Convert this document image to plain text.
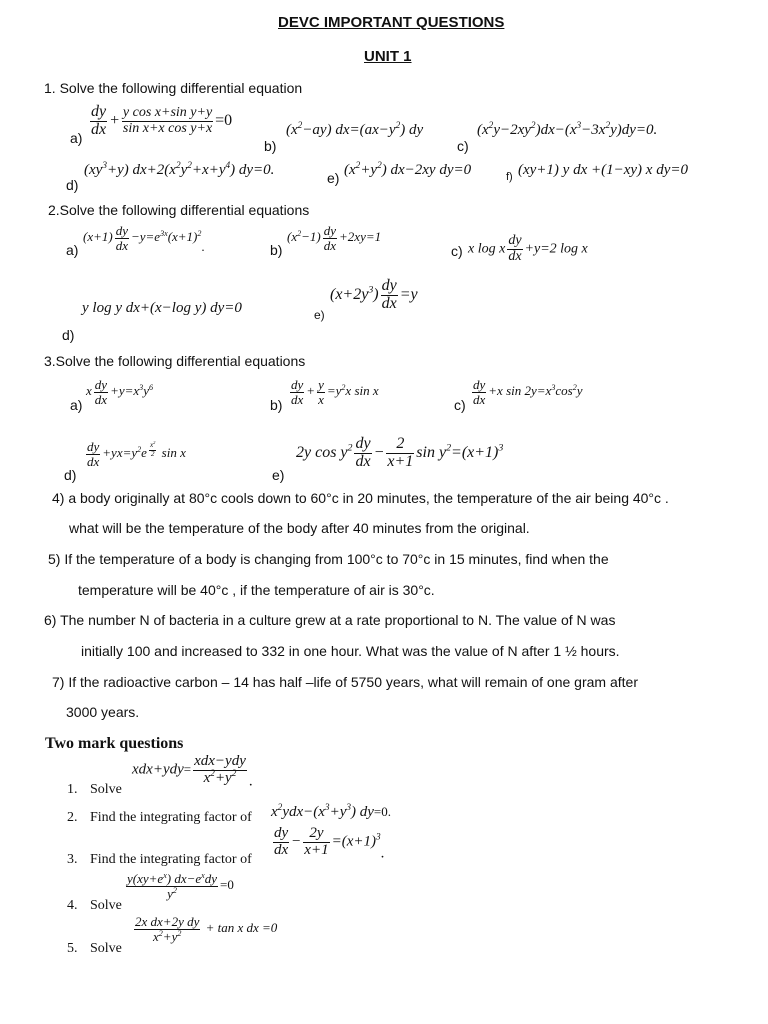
DEVC IMPORTANT QUESTIONS
UNIT 1
1. Solve the following differential equation
$a) \frac{dy}{dx} + \frac{\text{y cos x+sin y+y}}{\text{sin x+x cos y+x}} =0$
b)
$(x^2-ay)$ $dx=(ax-y^2)$ dy
c)
$(x^2y-2xy^2)dx-(x^3-3x^2y)dy=0$.
d)
$(xy^3+y)$ $dx+2(x^2y^2+x+y^4)$ dy=0.	e) $(x^2+y^2)$ dx−2xy dy=0	f) (xy+1) y dx +(1−xy) x dy=0
2.Solve the following differential equations
a)
$(x+1) \frac{dy}{dx} -y=e^{3x}(x+1)^2$.	b)
$(x^2-1) \frac{dy}{dx} +2xy=1$
c) x log x $\frac{dy}{dx} +y=2$ log x
y log y dx+(x−log y) dy=0
d)
e)
$(x+2y^3) \frac{dy}{dx} =y$
3.Solve the following differential equations
a)
x $\frac{dy}{dx} +y=x^3y^6$
$b) \frac{dy}{dx} + \frac{y}{x} =y^2x$ sin x
$c) \frac{dy}{dx} +x$ $\sin 2y=x^3\cos^2y$
d)
$\frac{dy}{dx} +yx=y^2e$ $^{\frac{x^2}{2}}$ sin x
e)
2y $\cos y^2 \frac{dy}{dx} - \frac{2}{x+1}$ $\sin y^2=(x+1)^3$
4) a body originally at 80°c cools down to 60°c in 20 minutes, the temperature of the air being 40°c .
what will be the temperature of the body after 40 minutes from the original.
5) If the temperature of a body is changing from 100°c to 70°c in 15 minutes, find when the
temperature will be 40°c , if the temperature of air is 30°c.
6) The number N of bacteria in a culture grew at a rate proportional to N. The value of N was
initially 100 and increased to 332 in one hour. What was the value of N after 1 ½ hours.
7) If the radioactive carbon – 14 has half –life of 5750 years, what will remain of one gram after
3000 years.
Two mark questions
1. Solve
$xdx+ydy= \frac{\text{xdx−ydy}}{x^2+y^2}$ .
2. Find the integrating factor of $x^2ydx-(x^3+y^3)$ dy=0.
3. Find the integrating factor of
$\frac{dy}{dx} - \frac{2y}{x+1} =(x+1)^3$.
4. Solve
$\frac{y(xy+e^x) dx-e^xdy}{y^2} =0$
5. Solve
$\frac{\text{2x dx+2y dy}}{x^2+y^2} + \tan x$ dx =0
